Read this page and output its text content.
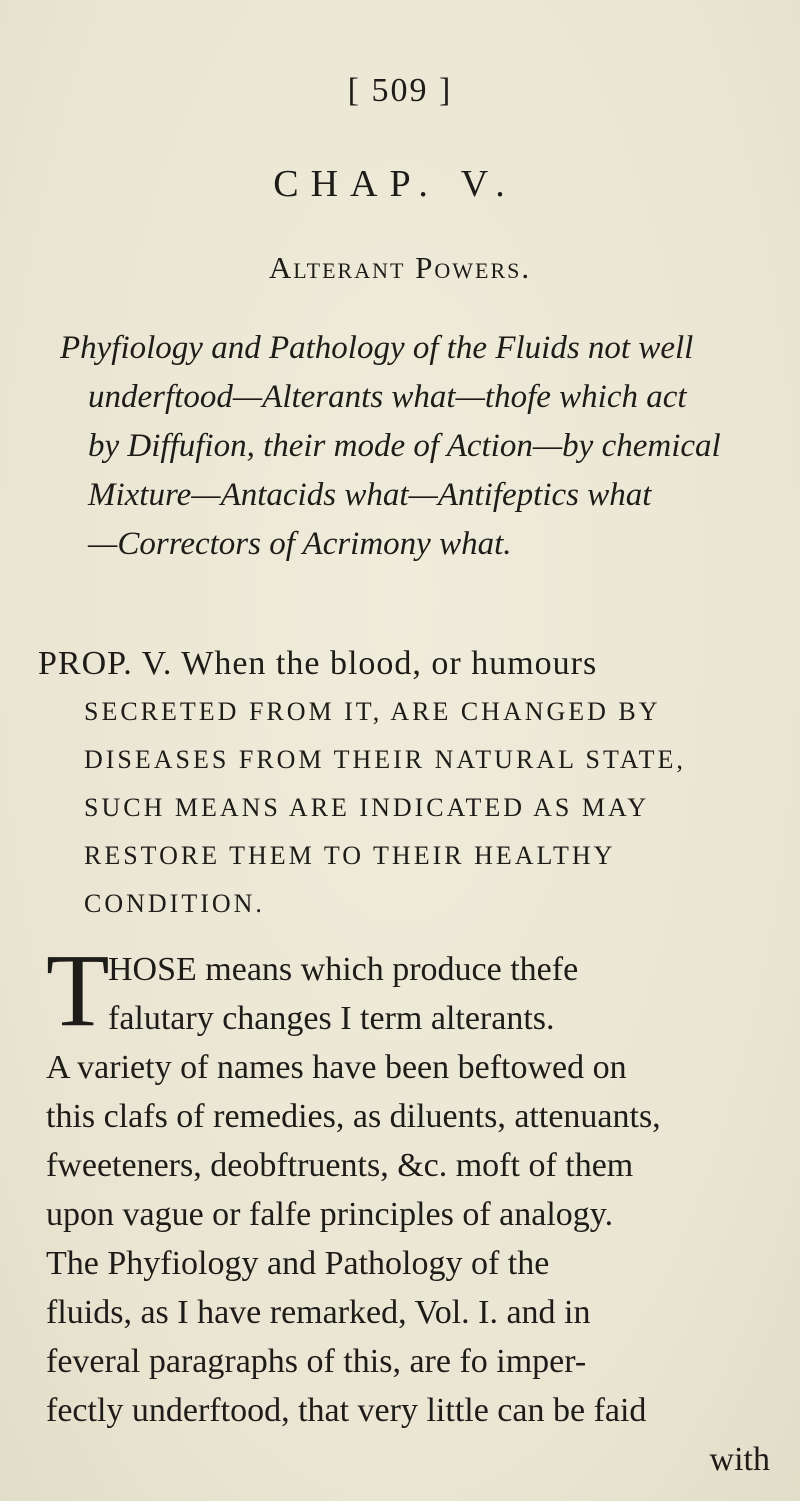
[ 509 ]
CHAP. V.
Alterant Powers.
Phyfiology and Pathology of the Fluids not well
underftood—Alterants what—thofe which act
by Diffufion, their mode of Action—by chemical
Mixture—Antacids what—Antifeptics what
—Correctors of Acrimony what.
PROP. V. When the blood, or humours
SECRETED FROM IT, ARE CHANGED BY
DISEASES FROM THEIR NATURAL STATE,
SUCH MEANS ARE INDICATED AS MAY
RESTORE THEM TO THEIR HEALTHY
CONDITION.
T
HOSE means which produce thefe
falutary changes I term alterants.
A variety of names have been beftowed on
this clafs of remedies, as diluents, attenuants,
fweeteners, deobftruents, &c. moft of them
upon vague or falfe principles of analogy.
The Phyfiology and Pathology of the
fluids, as I have remarked, Vol. I. and in
feveral paragraphs of this, are fo imper-
fectly underftood, that very little can be faid
with
